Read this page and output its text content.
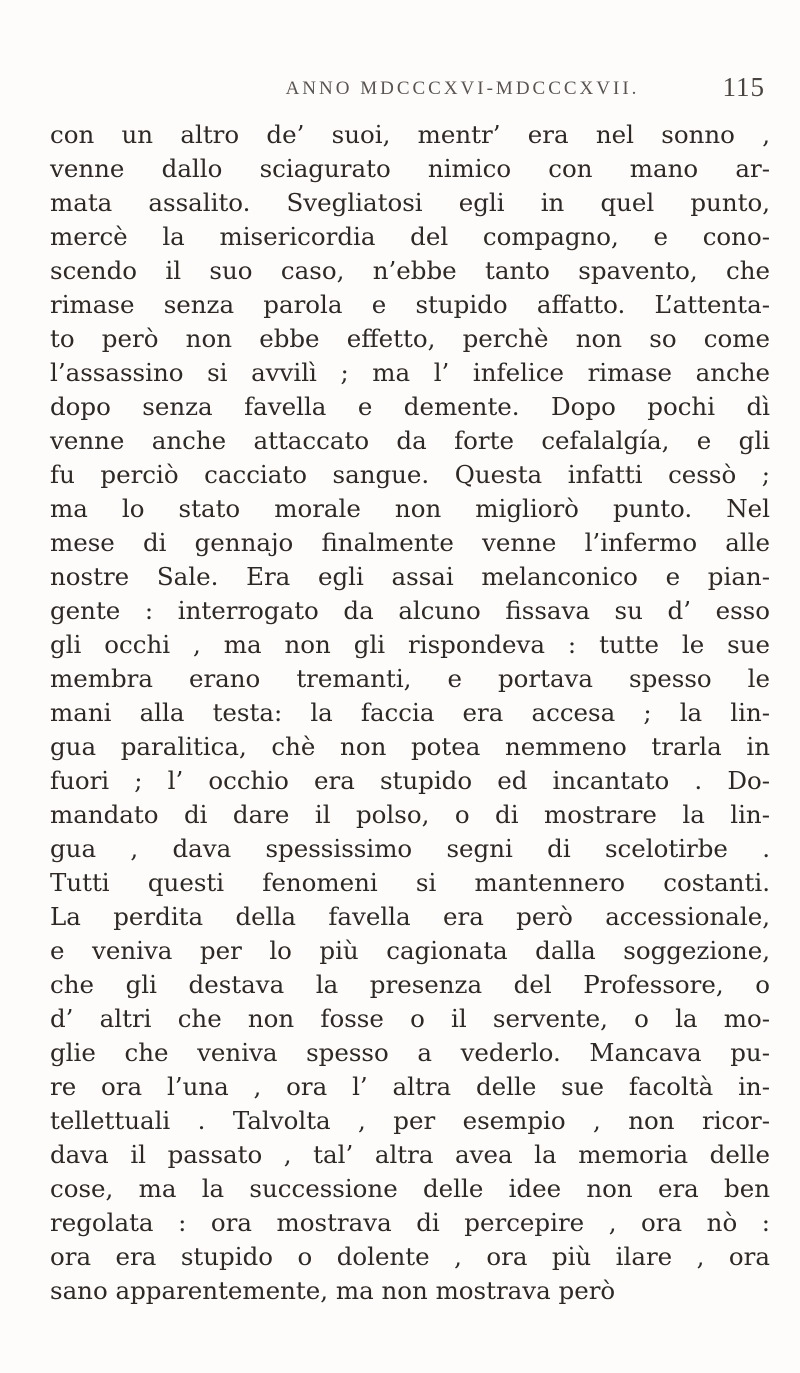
ANNO MDCCCXVI-MDCCCXVII.	115
con un altro de’ suoi, mentr’ era nel sonno ,
venne dallo sciagurato nimico con mano ar-
mata assalito. Svegliatosi egli in quel punto,
mercè la misericordia del compagno, e cono-
scendo il suo caso, n’ebbe tanto spavento, che
rimase senza parola e stupido affatto. L’attenta-
to però non ebbe effetto, perchè non so come
l’assassino si avvilì ; ma l’ infelice rimase anche
dopo senza favella e demente. Dopo pochi dì
venne anche attaccato da forte cefalalgía, e gli
fu perciò cacciato sangue. Questa infatti cessò ;
ma lo stato morale non migliorò punto. Nel
mese di gennajo finalmente venne l’infermo alle
nostre Sale. Era egli assai melanconico e pian-
gente : interrogato da alcuno fissava su d’ esso
gli occhi , ma non gli rispondeva : tutte le sue
membra erano tremanti, e portava spesso le
mani alla testa: la faccia era accesa ; la lin-
gua paralitica, chè non potea nemmeno trarla in
fuori ; l’ occhio era stupido ed incantato . Do-
mandato di dare il polso, o di mostrare la lin-
gua , dava spessissimo segni di scelotirbe .
Tutti questi fenomeni si mantennero costanti.
La perdita della favella era però accessionale,
e veniva per lo più cagionata dalla soggezione,
che gli destava la presenza del Professore, o
d’ altri che non fosse o il servente, o la mo-
glie che veniva spesso a vederlo. Mancava pu-
re ora l’una , ora l’ altra delle sue facoltà in-
tellettuali . Talvolta , per esempio , non ricor-
dava il passato , tal’ altra avea la memoria delle
cose, ma la successione delle idee non era ben
regolata : ora mostrava di percepire , ora nò :
ora era stupido o dolente , ora più ilare , ora
sano apparentemente, ma non mostrava però
